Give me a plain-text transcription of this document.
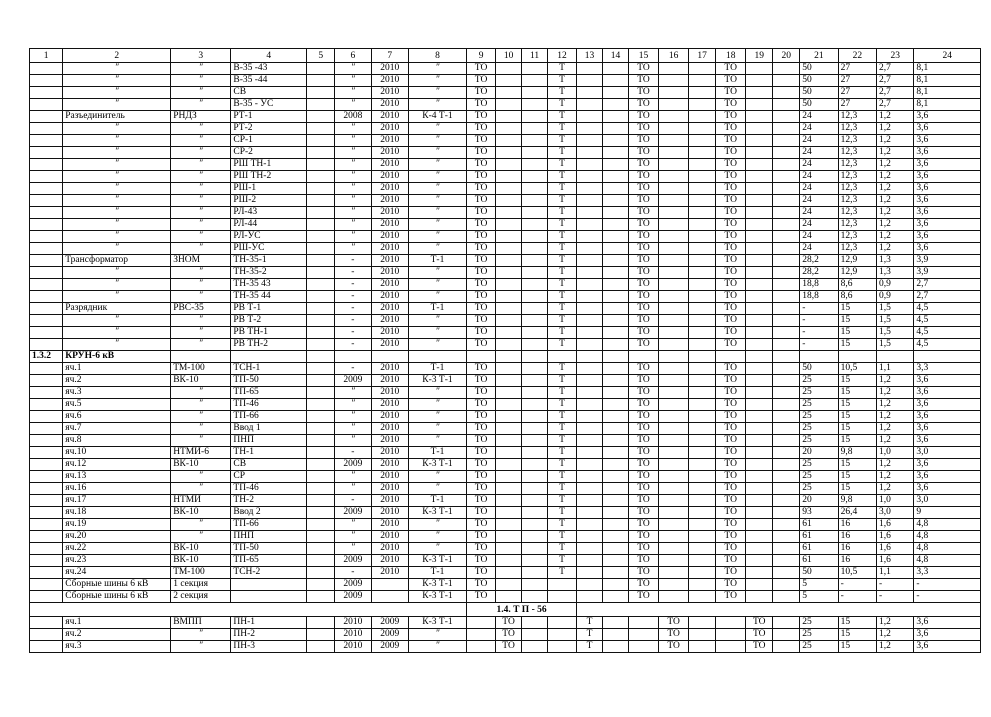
1	2	3	4	5	6	7	8	9	10	11	12	13	14	15	16	17	18	19	20	21	22	23	24
	″	″	В-35 -43		″	2010	″	ТО			Т			ТО			ТО			50	27	2,7	8,1
	″	″	В-35 -44		″	2010	″	ТО			Т			ТО			ТО			50	27	2,7	8,1
	″	″	СВ		″	2010	″	ТО			Т			ТО			ТО			50	27	2,7	8,1
	″	″	В-35 - УС		″	2010	″	ТО			Т			ТО			ТО			50	27	2,7	8,1
	Разъединитель	РНДЗ	РТ-1		2008	2010	К-4 Т-1	ТО			Т			ТО			ТО			24	12,3	1,2	3,6
	″	″	РТ-2		″	2010	″	ТО			Т			ТО			ТО			24	12,3	1,2	3,6
	″	″	СР-1		″	2010	″	ТО			Т			ТО			ТО			24	12,3	1,2	3,6
	″	″	СР-2		″	2010	″	ТО			Т			ТО			ТО			24	12,3	1,2	3,6
	″	″	РШ ТН-1		″	2010	″	ТО			Т			ТО			ТО			24	12,3	1,2	3,6
	″	″	РШ ТН-2		″	2010	″	ТО			Т			ТО			ТО			24	12,3	1,2	3,6
	″	″	РШ-1		″	2010	″	ТО			Т			ТО			ТО			24	12,3	1,2	3,6
	″	″	РШ-2		″	2010	″	ТО			Т			ТО			ТО			24	12,3	1,2	3,6
	″	″	РЛ-43		″	2010	″	ТО			Т			ТО			ТО			24	12,3	1,2	3,6
	″	″	РЛ-44		″	2010	″	ТО			Т			ТО			ТО			24	12,3	1,2	3,6
	″	″	РЛ-УС		″	2010	″	ТО			Т			ТО			ТО			24	12,3	1,2	3,6
	″	″	РШ-УС		″	2010	″	ТО			Т			ТО			ТО			24	12,3	1,2	3,6
	Трансформатор	ЗНОМ	ТН-35-1		-	2010	Т-1	ТО			Т			ТО			ТО			28,2	12,9	1,3	3,9
	″	″	ТН-35-2		-	2010	″	ТО			Т			ТО			ТО			28,2	12,9	1,3	3,9
	″	″	ТН-35 43		-	2010	″	ТО			Т			ТО			ТО			18,8	8,6	0,9	2,7
	″	″	ТН-35 44		-	2010	″	ТО			Т			ТО			ТО			18,8	8,6	0,9	2,7
	Разрядник	РВС-35	РВ Т-1		-	2010	Т-1	ТО			Т			ТО			ТО			-	15	1,5	4,5
	″	″	РВ Т-2		-	2010	″	ТО			Т			ТО			ТО			-	15	1,5	4,5
	″	″	РВ ТН-1		-	2010	″	ТО			Т			ТО			ТО			-	15	1,5	4,5
	″	″	РВ ТН-2		-	2010	″	ТО			Т			ТО			ТО			-	15	1,5	4,5
1.3.2	КРУН-6 кВ																						
	яч.1	ТМ-100	ТСН-1		-	2010	Т-1	ТО			Т			ТО			ТО			50	10,5	1,1	3,3
	яч.2	ВК-10	ТП-50		2009	2010	К-3 Т-1	ТО			Т			ТО			ТО			25	15	1,2	3,6
	яч.3	″	ТП-65		″	2010	″	ТО			Т			ТО			ТО			25	15	1,2	3,6
	яч.5	″	ТП-46		″	2010	″	ТО			Т			ТО			ТО			25	15	1,2	3,6
	яч.6	″	ТП-66		″	2010	″	ТО			Т			ТО			ТО			25	15	1,2	3,6
	яч.7	″	Ввод 1		″	2010	″	ТО			Т			ТО			ТО			25	15	1,2	3,6
	яч.8	″	ПНП		″	2010	″	ТО			Т			ТО			ТО			25	15	1,2	3,6
	яч.10	НТМИ-6	ТН-1		-	2010	Т-1	ТО			Т			ТО			ТО			20	9,8	1,0	3,0
	яч.12	ВК-10	СВ		2009	2010	К-3 Т-1	ТО			Т			ТО			ТО			25	15	1,2	3,6
	яч.13	″	СР		″	2010	″	ТО			Т			ТО			ТО			25	15	1,2	3,6
	яч.16	″	ТП-46		″	2010	″	ТО			Т			ТО			ТО			25	15	1,2	3,6
	яч.17	НТМИ	ТН-2		-	2010	Т-1	ТО			Т			ТО			ТО			20	9,8	1,0	3,0
	яч.18	ВК-10	Ввод 2		2009	2010	К-3 Т-1	ТО			Т			ТО			ТО			93	26,4	3,0	9
	яч.19	″	ТП-66		″	2010	″	ТО			Т			ТО			ТО			61	16	1,6	4,8
	яч.20	″	ПНП		″	2010	″	ТО			Т			ТО			ТО			61	16	1,6	4,8
	яч.22	ВК-10	ТП-50		″	2010	″	ТО			Т			ТО			ТО			61	16	1,6	4,8
	яч.23	ВК-10	ТП-65		2009	2010	К-3 Т-1	ТО			Т			ТО			ТО			61	16	1,6	4,8
	яч.24	ТМ-100	ТСН-2		-	2010	Т-1	ТО			Т			ТО			ТО			50	10,5	1,1	3,3
	Сборные шины 6 кВ	1 секция			2009		К-3 Т-1	ТО						ТО			ТО			5	-	-	-
	Сборные шины 6 кВ	2 секция			2009		К-3 Т-1	ТО						ТО			ТО			5	-	-	-
								1.4. Т П - 56															
	яч.1	ВМПП	ПН-1		2010	2009	К-3 Т-1		ТО			Т			ТО			ТО		25	15	1,2	3,6
	яч.2	″	ПН-2		2010	2009	″		ТО			Т			ТО			ТО		25	15	1,2	3,6
	яч.3	″	ПН-3		2010	2009	″		ТО			Т			ТО			ТО		25	15	1,2	3,6
